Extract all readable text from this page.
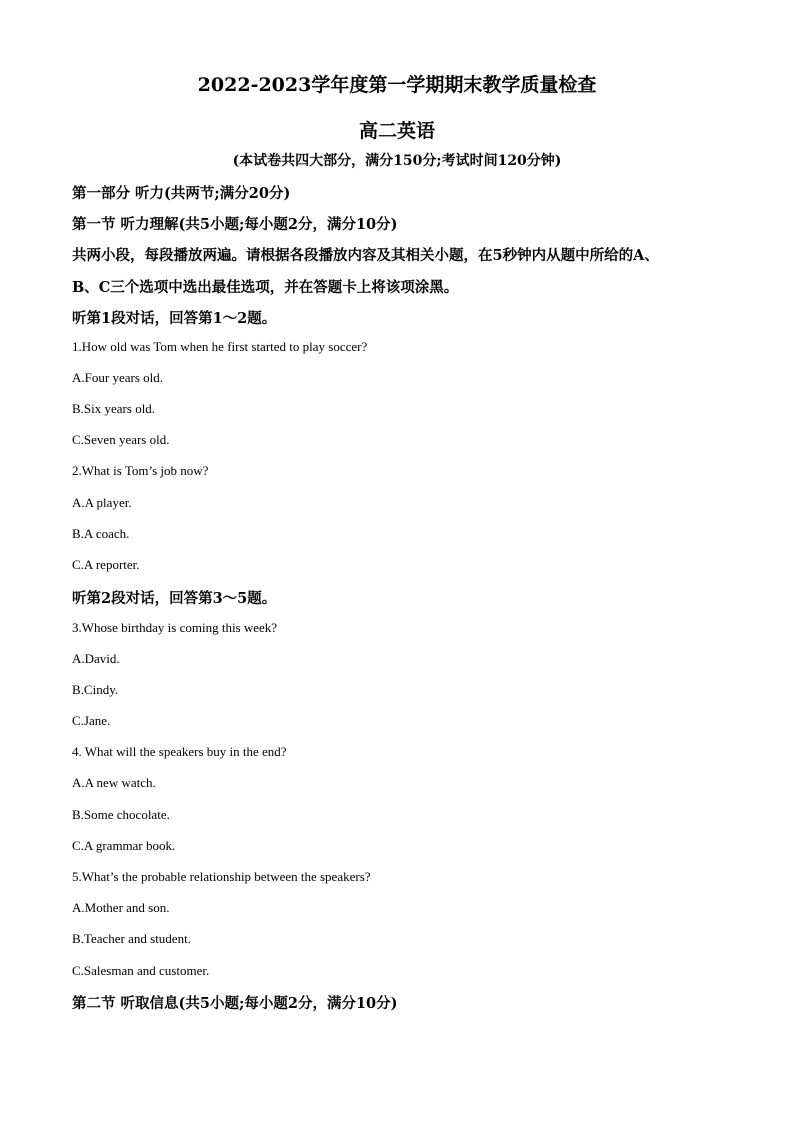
2022-2023学年度第一学期期末教学质量检查
高二英语
(本试卷共四大部分，满分150分;考试时间120分钟)
第一部分 听力(共两节;满分20分)
第一节 听力理解(共5小题;每小题2分，满分10分)
共两小段，每段播放两遍。请根据各段播放内容及其相关小题，在5秒钟内从题中所给的A、
B、C三个选项中选出最佳选项，并在答题卡上将该项涂黑。
听第1段对话，回答第1～2题。
1.How old was Tom when he first started to play soccer?
A.Four years old.
B.Six years old.
C.Seven years old.
2.What is Tom’s job now?
A.A player.
B.A coach.
C.A reporter.
听第2段对话，回答第3～5题。
3.Whose birthday is coming this week?
A.David.
B.Cindy.
C.Jane.
4. What will the speakers buy in the end?
A.A new watch.
B.Some chocolate.
C.A grammar book.
5.What’s the probable relationship between the speakers?
A.Mother and son.
B.Teacher and student.
C.Salesman and customer.
第二节 听取信息(共5小题;每小题2分，满分10分)
